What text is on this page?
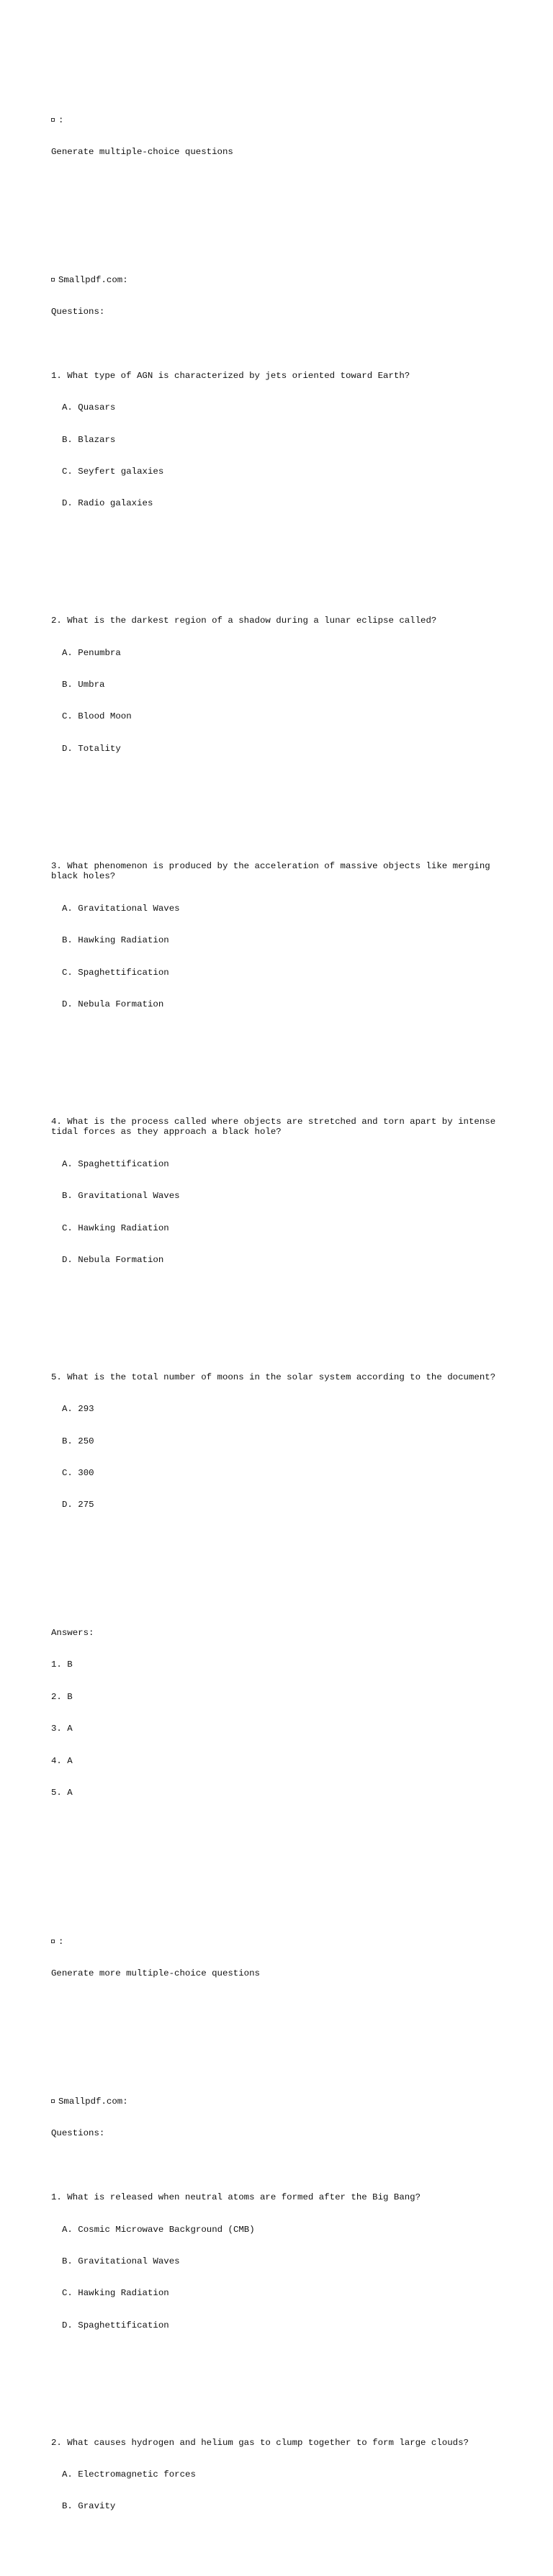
:

Generate multiple-choice questions

Smallpdf.com:

Questions:

1. What type of AGN is characterized by jets oriented toward Earth?

A. Quasars

B. Blazars

C. Seyfert galaxies

D. Radio galaxies

2. What is the darkest region of a shadow during a lunar eclipse called?

A. Penumbra

B. Umbra

C. Blood Moon

D. Totality

3. What phenomenon is produced by the acceleration of massive objects like merging black holes?

A. Gravitational Waves

B. Hawking Radiation

C. Spaghettification

D. Nebula Formation

4. What is the process called where objects are stretched and torn apart by intense tidal forces as they approach a black hole?

A. Spaghettification

B. Gravitational Waves

C. Hawking Radiation

D. Nebula Formation

5. What is the total number of moons in the solar system according to the document?

A. 293

B. 250

C. 300

D. 275

Answers:

1. B

2. B

3. A

4. A

5. A

:

Generate more multiple-choice questions

Smallpdf.com:

Questions:

1. What is released when neutral atoms are formed after the Big Bang?

A. Cosmic Microwave Background (CMB)

B. Gravitational Waves

C. Hawking Radiation

D. Spaghettification

2. What causes hydrogen and helium gas to clump together to form large clouds?

A. Electromagnetic forces

B. Gravity
